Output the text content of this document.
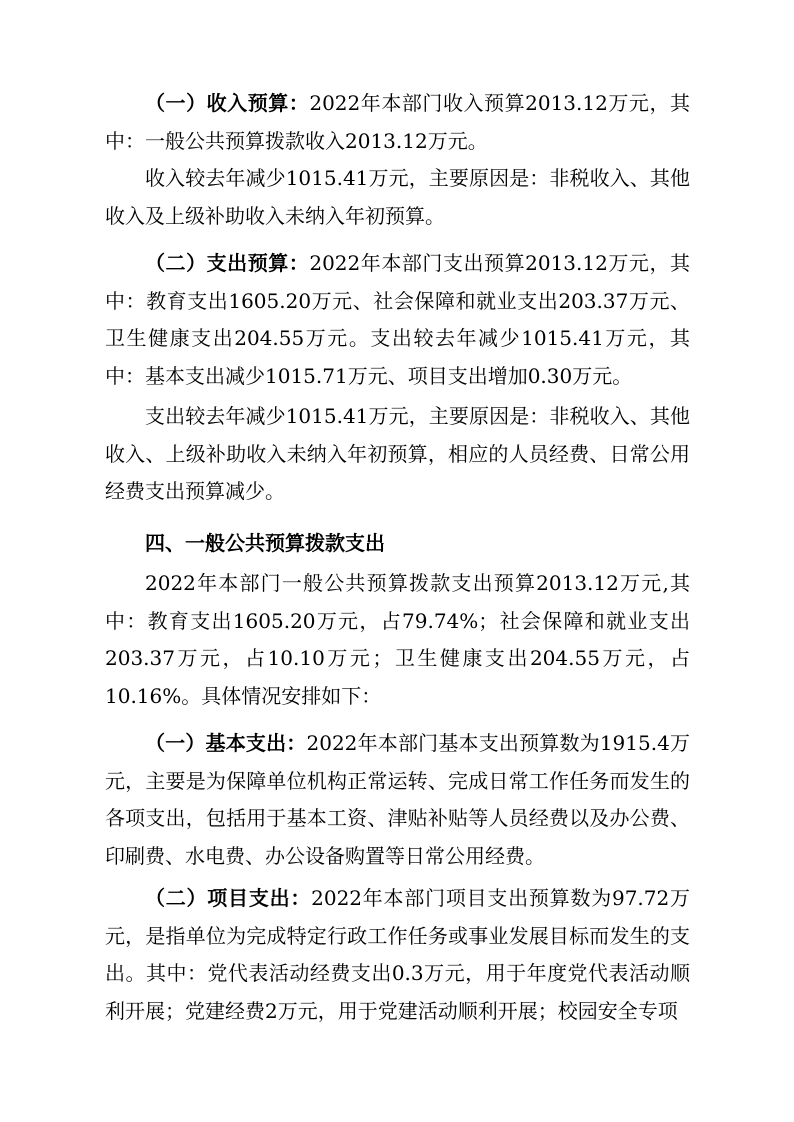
（一）收入预算：2022年本部门收入预算2013.12万元，其中：一般公共预算拨款收入2013.12万元。

收入较去年减少1015.41万元，主要原因是：非税收入、其他收入及上级补助收入未纳入年初预算。

（二）支出预算：2022年本部门支出预算2013.12万元，其中：教育支出1605.20万元、社会保障和就业支出203.37万元、卫生健康支出204.55万元。支出较去年减少1015.41万元，其中：基本支出减少1015.71万元、项目支出增加0.30万元。

支出较去年减少1015.41万元，主要原因是：非税收入、其他收入、上级补助收入未纳入年初预算，相应的人员经费、日常公用经费支出预算减少。

四、一般公共预算拨款支出

2022年本部门一般公共预算拨款支出预算2013.12万元,其中：教育支出1605.20万元，占79.74%；社会保障和就业支出203.37万元，占10.10万元；卫生健康支出204.55万元，占10.16%。具体情况安排如下：

（一）基本支出：2022年本部门基本支出预算数为1915.4万元，主要是为保障单位机构正常运转、完成日常工作任务而发生的各项支出，包括用于基本工资、津贴补贴等人员经费以及办公费、印刷费、水电费、办公设备购置等日常公用经费。

（二）项目支出：2022年本部门项目支出预算数为97.72万元，是指单位为完成特定行政工作任务或事业发展目标而发生的支出。其中：党代表活动经费支出0.3万元，用于年度党代表活动顺利开展；党建经费2万元，用于党建活动顺利开展；校园安全专项
